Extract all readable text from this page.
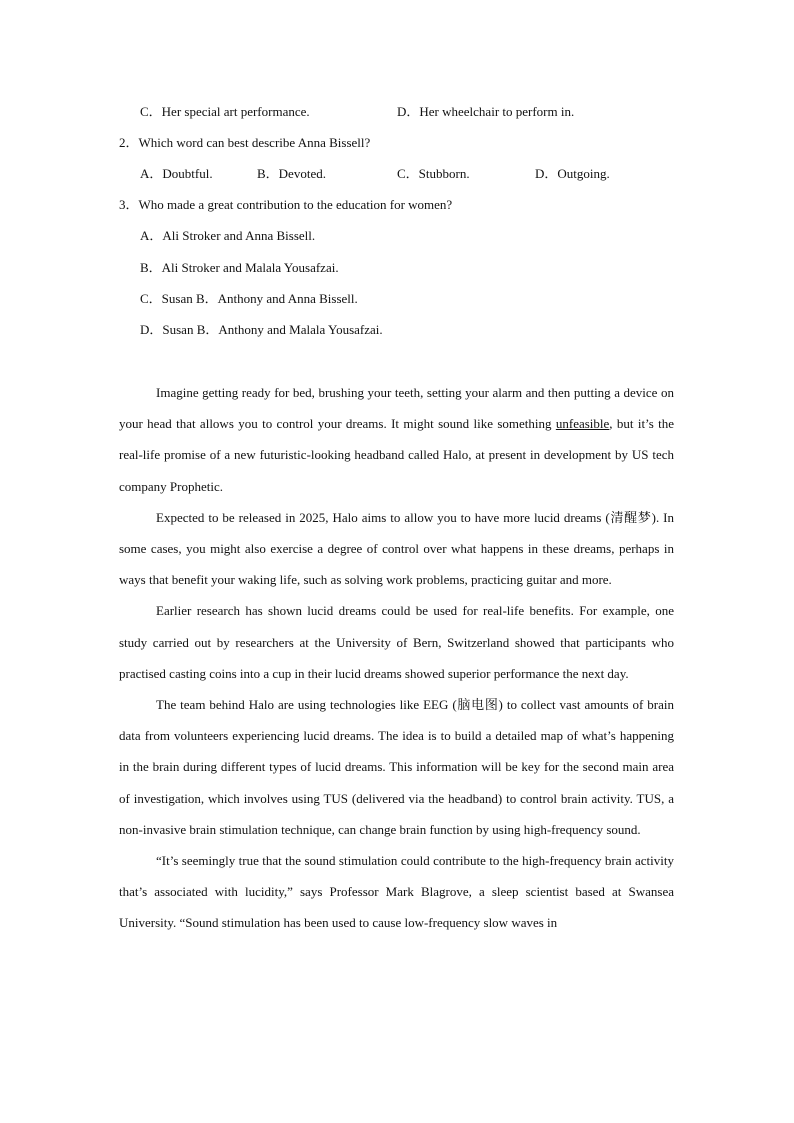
C．Her special art performance.	D．Her wheelchair to perform in.
2．Which word can best describe Anna Bissell?
A．Doubtful.	B．Devoted.	C．Stubborn.	D．Outgoing.
3．Who made a great contribution to the education for women?
A．Ali Stroker and Anna Bissell.
B．Ali Stroker and Malala Yousafzai.
C．Susan B．Anthony and Anna Bissell.
D．Susan B．Anthony and Malala Yousafzai.

Imagine getting ready for bed, brushing your teeth, setting your alarm and then putting a device on your head that allows you to control your dreams. It might sound like something unfeasible, but it’s the real-life promise of a new futuristic-looking headband called Halo, at present in development by US tech company Prophetic.

Expected to be released in 2025, Halo aims to allow you to have more lucid dreams (清醒梦). In some cases, you might also exercise a degree of control over what happens in these dreams, perhaps in ways that benefit your waking life, such as solving work problems, practicing guitar and more.

Earlier research has shown lucid dreams could be used for real-life benefits. For example, one study carried out by researchers at the University of Bern, Switzerland showed that participants who practised casting coins into a cup in their lucid dreams showed superior performance the next day.

The team behind Halo are using technologies like EEG (脑电图) to collect vast amounts of brain data from volunteers experiencing lucid dreams. The idea is to build a detailed map of what’s happening in the brain during different types of lucid dreams. This information will be key for the second main area of investigation, which involves using TUS (delivered via the headband) to control brain activity. TUS, a non-invasive brain stimulation technique, can change brain function by using high-frequency sound.

“It’s seemingly true that the sound stimulation could contribute to the high-frequency brain activity that’s associated with lucidity,” says Professor Mark Blagrove, a sleep scientist based at Swansea University. “Sound stimulation has been used to cause low-frequency slow waves in
